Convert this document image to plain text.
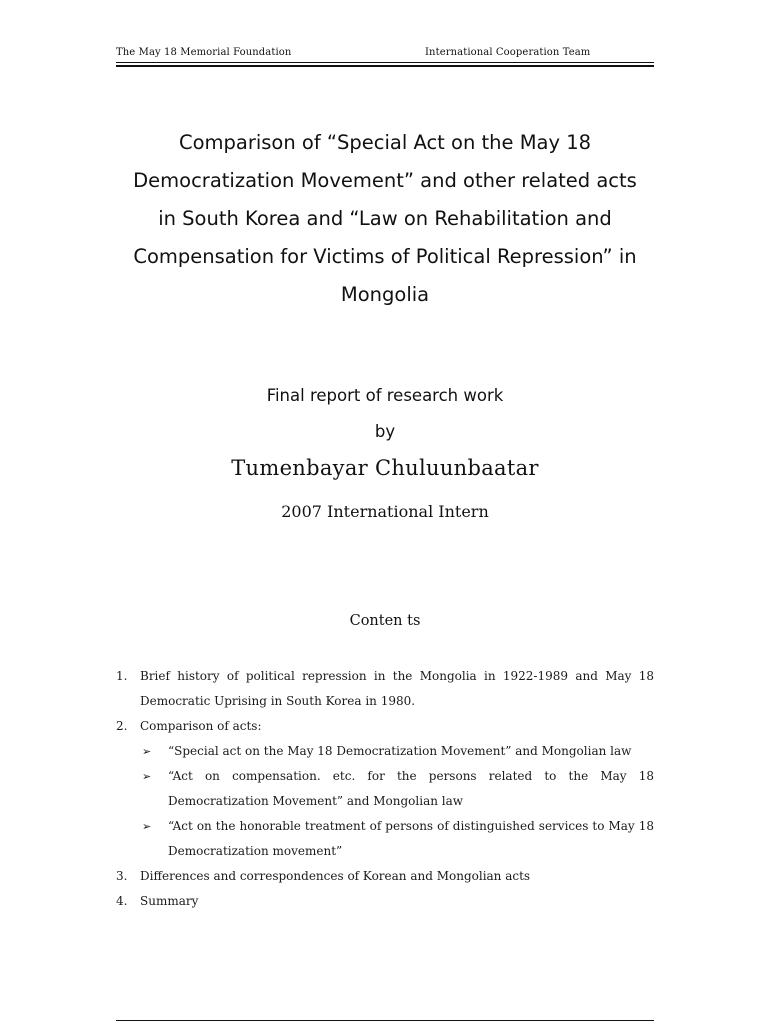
The May 18 Memorial Foundation	International Cooperation Team
Comparison of “Special Act on the May 18
Democratization Movement” and other related acts
in South Korea and “Law on Rehabilitation and
Compensation for Victims of Political Repression” in
Mongolia
Final report of research work
by
Tumenbayar Chuluunbaatar
2007 International Intern
Conten ts
1. Brief history of political repression in the Mongolia in 1922-1989 and May 18 Democratic Uprising in South Korea in 1980.
2. Comparison of acts:
➢ “Special act on the May 18 Democratization Movement” and Mongolian law
➢ “Act on compensation. etc. for the persons related to the May 18 Democratization Movement” and Mongolian law
➢ “Act on the honorable treatment of persons of distinguished services to May 18 Democratization movement”
3. Differences and correspondences of Korean and Mongolian acts
4. Summary
